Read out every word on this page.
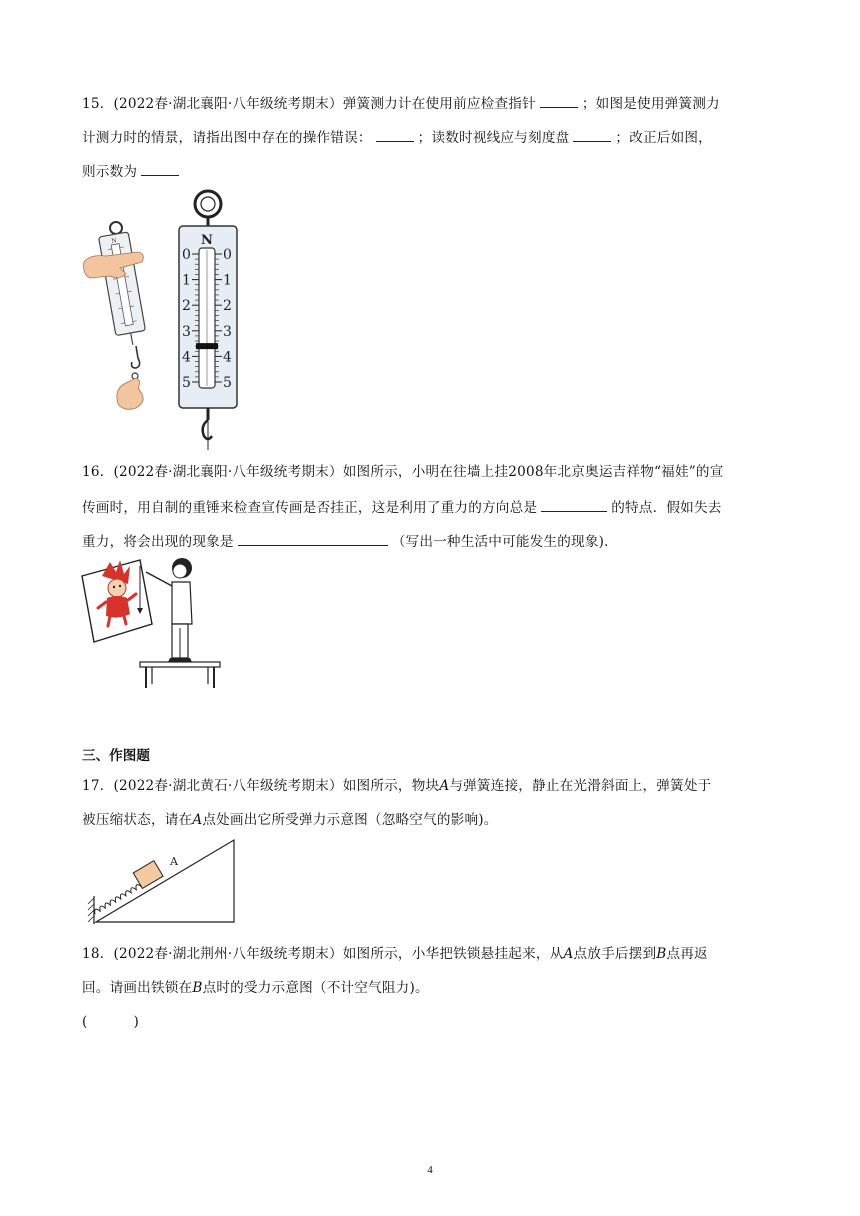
15．(2022春·湖北襄阳·八年级统考期末）弹簧测力计在使用前应检查指针	；如图是使用弹簧测力
计测力时的情景，请指出图中存在的操作错误：	；读数时视线应与刻度盘	；改正后如图，
则示数为
N	N
0 0
1 1
2 2
3 3
4 4
5 5
16．(2022春·湖北襄阳·八年级统考期末）如图所示，小明在往墙上挂2008年北京奥运吉祥物“福娃”的宣
传画时，用自制的重锤来检查宣传画是否挂正，这是利用了重力的方向总是	的特点．假如失去
重力，将会出现的现象是	（写出一种生活中可能发生的现象)．
三、作图题
17．(2022春·湖北黄石·八年级统考期末）如图所示，物块A与弹簧连接，静止在光滑斜面上，弹簧处于
被压缩状态，请在A点处画出它所受弹力示意图（忽略空气的影响)。
A
18．(2022春·湖北荆州·八年级统考期末）如图所示，小华把铁锁悬挂起来，从A点放手后摆到B点再返
回。请画出铁锁在B点时的受力示意图（不计空气阻力)。
(	)
4
